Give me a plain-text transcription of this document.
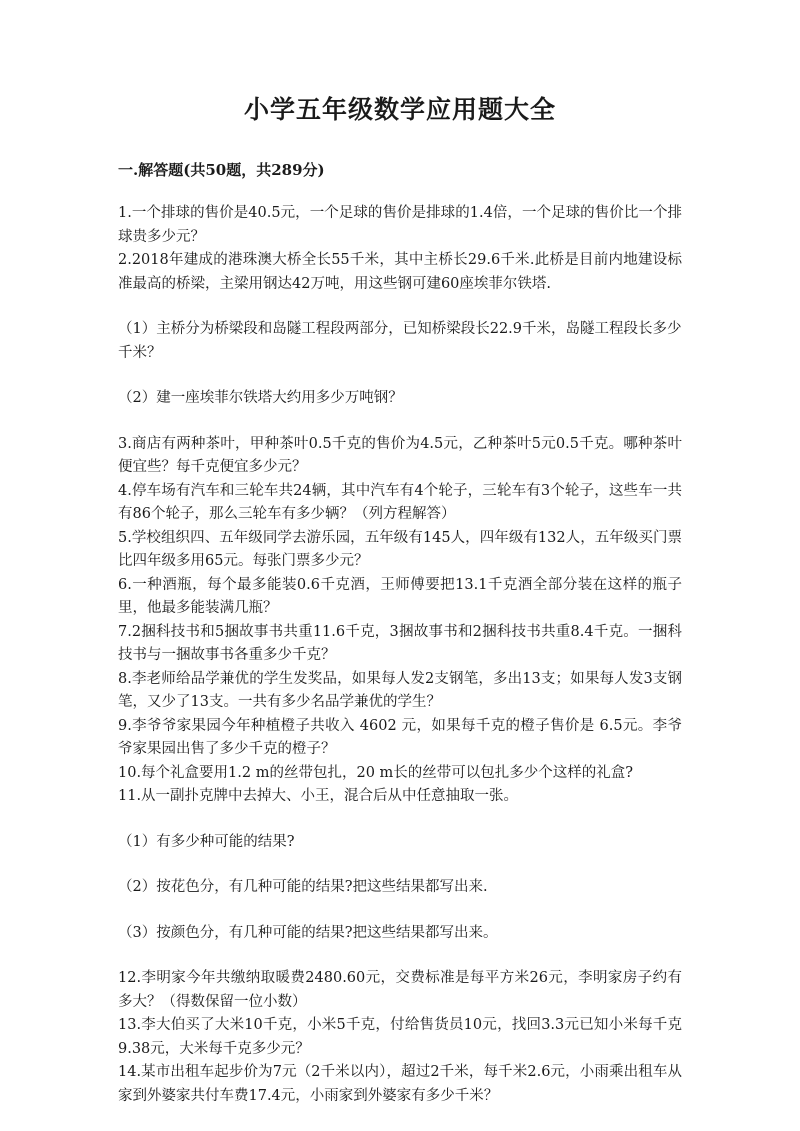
小学五年级数学应用题大全
一.解答题(共50题，共289分)

1.一个排球的售价是40.5元，一个足球的售价是排球的1.4倍，一个足球的售价比一个排球贵多少元？

2.2018年建成的港珠澳大桥全长55千米，其中主桥长29.6千米.此桥是目前内地建设标准最高的桥梁，主梁用钢达42万吨，用这些钢可建60座埃菲尔铁塔.

（1）主桥分为桥梁段和岛隧工程段两部分，已知桥梁段长22.9千米，岛隧工程段长多少千米？

（2）建一座埃菲尔铁塔大约用多少万吨钢？

3.商店有两种茶叶，甲种茶叶0.5千克的售价为4.5元，乙种茶叶5元0.5千克。哪种茶叶便宜些？每千克便宜多少元？

4.停车场有汽车和三轮车共24辆，其中汽车有4个轮子，三轮车有3个轮子，这些车一共有86个轮子，那么三轮车有多少辆？（列方程解答）

5.学校组织四、五年级同学去游乐园，五年级有145人，四年级有132人，五年级买门票比四年级多用65元。每张门票多少元？

6.一种酒瓶，每个最多能装0.6千克酒，王师傅要把13.1千克酒全部分装在这样的瓶子里，他最多能装满几瓶？

7.2捆科技书和5捆故事书共重11.6千克，3捆故事书和2捆科技书共重8.4千克。一捆科技书与一捆故事书各重多少千克？

8.李老师给品学兼优的学生发奖品，如果每人发2支钢笔，多出13支；如果每人发3支钢笔，又少了13支。一共有多少名品学兼优的学生？

9.李爷爷家果园今年种植橙子共收入 4602 元，如果每千克的橙子售价是 6.5元。李爷爷家果园出售了多少千克的橙子？

10.每个礼盒要用1.2 m的丝带包扎，20 m长的丝带可以包扎多少个这样的礼盒?

11.从一副扑克牌中去掉大、小王，混合后从中任意抽取一张。

（1）有多少种可能的结果?

（2）按花色分，有几种可能的结果?把这些结果都写出来.

（3）按颜色分，有几种可能的结果?把这些结果都写出来。

12.李明家今年共缴纳取暖费2480.60元，交费标准是每平方米26元，李明家房子约有多大？（得数保留一位小数）

13.李大伯买了大米10千克，小米5千克，付给售货员10元，找回3.3元已知小米每千克9.38元，大米每千克多少元？

14.某市出租车起步价为7元（2千米以内），超过2千米，每千米2.6元，小雨乘出租车从家到外婆家共付车费17.4元，小雨家到外婆家有多少千米？
